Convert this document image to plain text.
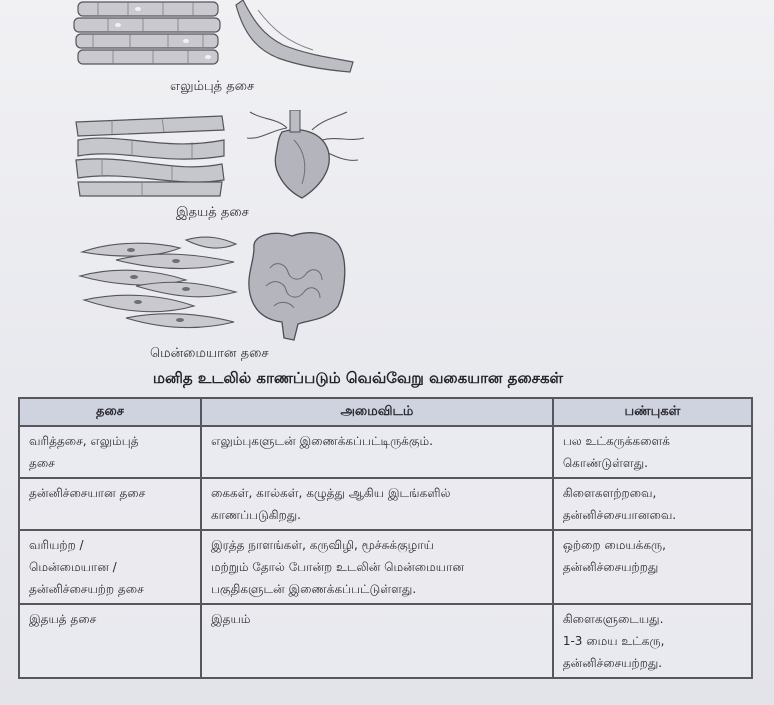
எலும்புத் தசை
இதயத் தசை
மென்மையான தசை
மனித உடலில் காணப்படும் வெவ்வேறு வகையான தசைகள்
தசை	அமைவிடம்	பண்புகள்

வரித்தசை, எலும்புத்
தசை	எலும்புகளுடன் இணைக்கப்பட்டிருக்கும்.	பல உட்கருக்களைக்
கொண்டுள்ளது.

தன்னிச்சையான தசை	கைகள், கால்கள், கழுத்து ஆகிய இடங்களில்
காணப்படுகிறது.	கிளைகளற்றவை,
தன்னிச்சையானவை.

வரியற்ற /
மென்மையான /
தன்னிச்சையற்ற தசை	இரத்த நாளங்கள், கருவிழி, மூச்சுக்குழாய்
மற்றும் தோல் போன்ற உடலின் மென்மையான
பகுதிகளுடன் இணைக்கப்பட்டுள்ளது.	ஒற்றை மையக்கரு,
தன்னிச்சையற்றது

இதயத் தசை	இதயம்	கிளைகளுடையது.
1-3 மைய உட்கரு,
தன்னிச்சையற்றது.
